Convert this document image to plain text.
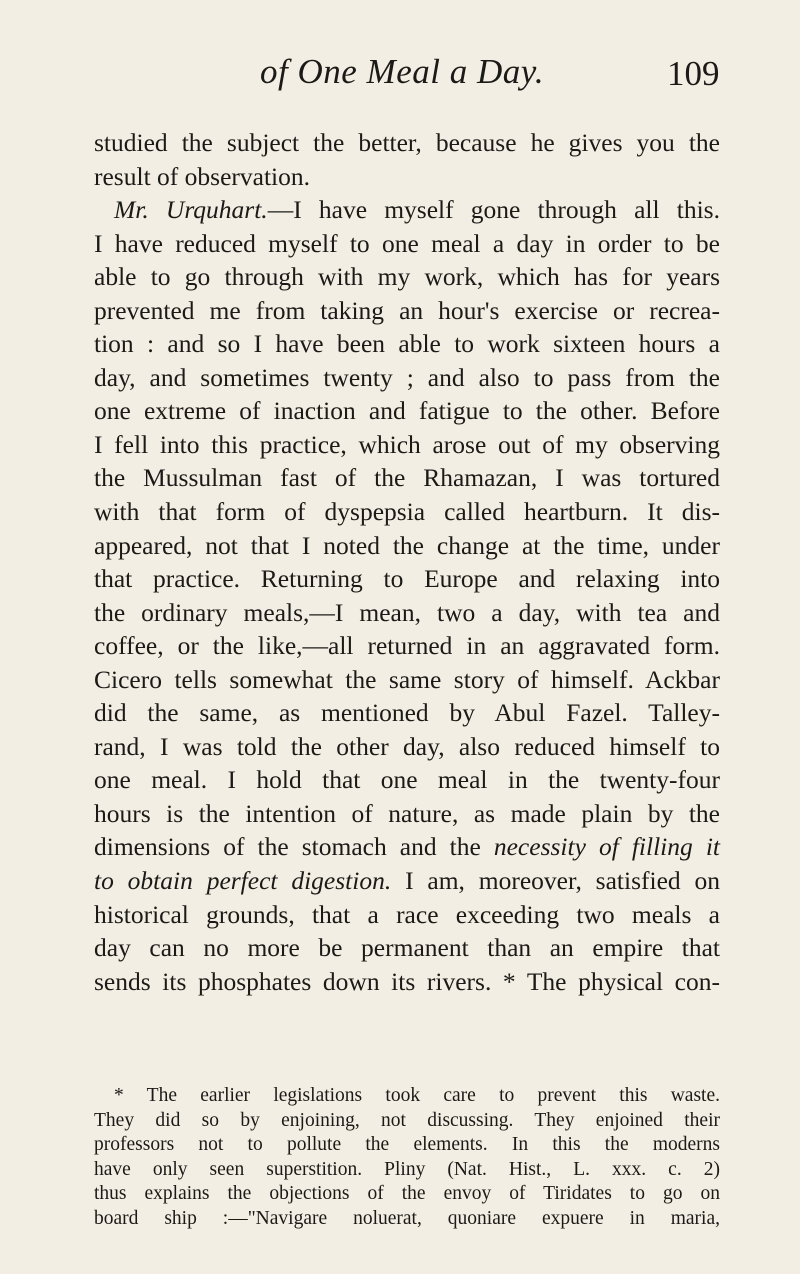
of One Meal a Day.	109
studied the subject the better, because he gives you the
result of observation.
Mr. Urquhart.—I have myself gone through all this.
I have reduced myself to one meal a day in order to be
able to go through with my work, which has for years
prevented me from taking an hour's exercise or recrea-
tion : and so I have been able to work sixteen hours a
day, and sometimes twenty ; and also to pass from the
one extreme of inaction and fatigue to the other. Before
I fell into this practice, which arose out of my observing
the Mussulman fast of the Rhamazan, I was tortured
with that form of dyspepsia called heartburn. It dis-
appeared, not that I noted the change at the time, under
that practice. Returning to Europe and relaxing into
the ordinary meals,—I mean, two a day, with tea and
coffee, or the like,—all returned in an aggravated form.
Cicero tells somewhat the same story of himself. Ackbar
did the same, as mentioned by Abul Fazel. Talley-
rand, I was told the other day, also reduced himself to
one meal. I hold that one meal in the twenty-four
hours is the intention of nature, as made plain by the
dimensions of the stomach and the necessity of filling it
to obtain perfect digestion. I am, moreover, satisfied on
historical grounds, that a race exceeding two meals a
day can no more be permanent than an empire that
sends its phosphates down its rivers. * The physical con-
* The earlier legislations took care to prevent this waste.
They did so by enjoining, not discussing. They enjoined their
professors not to pollute the elements. In this the moderns
have only seen superstition. Pliny (Nat. Hist., L. xxx. c. 2)
thus explains the objections of the envoy of Tiridates to go on
board ship :—"Navigare noluerat, quoniare expuere in maria,
